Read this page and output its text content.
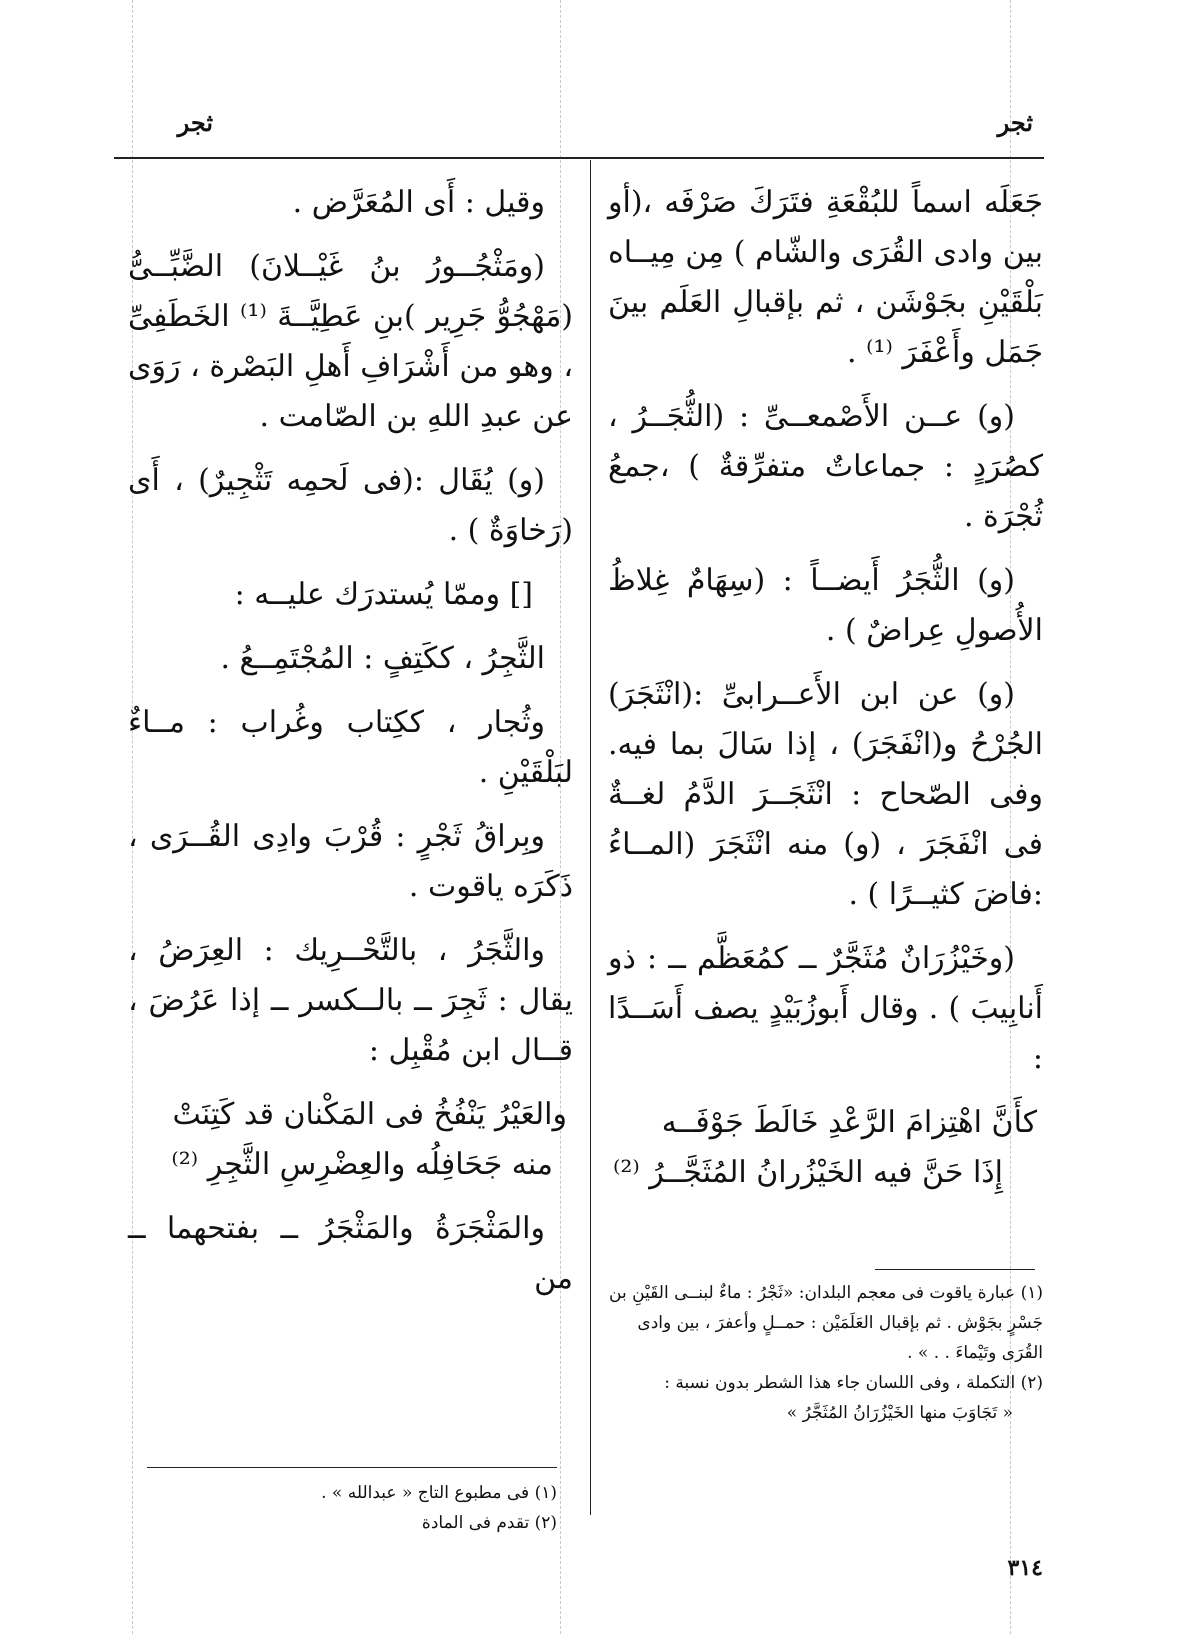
ثجر
ثجر

جَعَلَه اسماً للبُقْعَةِ فتَرَكَ صَرْفَه ،(أو بين وادى القُرَى والشّام ) مِن مِيــاه بَلْقَيْنِ بجَوْشَن ، ثم بإقبالِ العَلَم بينَ جَمَل وأَعْفَرَ ⁽¹⁾ .

(و) عــن الأَصْمعــىِّ : (الثُّجَــرُ ، كصُرَدٍ : جماعاتٌ متفرِّقةٌ ) ،جمعُ ثُجْرَة .

(و) الثُّجَرُ أَيضــاً : (سِهَامٌ غِلاظُ الأُصولِ عِراضٌ ) .

(و) عن ابن الأَعــرابىِّ :(انْثَجَرَ) الجُرْحُ و(انْفَجَرَ) ، إذا سَالَ بما فيه. وفى الصّحاح : انْثَجَــرَ الدَّمُ لغــةٌ فى انْفَجَرَ ، (و) منه انْثَجَرَ (المــاءُ :فاضَ كثيــرًا ) .

(وخَيْزُرَانٌ مُثَجَّرٌ ــ كمُعَظَّم ــ : ذو أَنابِيبَ ) . وقال أَبوزُبَيْدٍ يصف أَسَــدًا :

كأَنَّ اهْتِزامَ الرَّعْدِ خَالَطَ جَوْفَــه

إِذَا حَنَّ فيه الخَيْزُرانُ المُثَجَّــرُ ⁽²⁾

(١) عبارة ياقوت فى معجم البلدان: «ثَجْرُ : ماءٌ لبنــى القَيْنِ بن جَسْرٍ بجَوْش . ثم بإقبال العَلَمَيْن : حمــلٍ وأعفرَ ، بين وادى القُرَى وتَيْماءَ . . » .

(٢) التكملة ، وفى اللسان جاء هذا الشطر بدون نسبة :

« تَجَاوَبَ منها الخَيْزُرَانُ المُثَجَّرُ »

وقيل : أَى المُعَرَّض .

(ومَثْجُــورُ بنُ غَيْــلانَ) الضَّبِّــىُّ (مَهْجُوُّ جَرِير )بنِ عَطِيَّــةَ ⁽¹⁾ الخَطَفِىِّ ، وهو من أَشْرَافِ أَهلِ البَصْرة ، رَوَى عن عبدِ اللهِ بن الصّامت .

(و) يُقَال :(فى لَحمِه تَثْجِيرٌ) ، أَى (رَخاوَةٌ ) .

[] وممّا يُستدرَك عليــه :

الثَّجِرُ ، ككَتِفٍ : المُجْتَمِــعُ .

وثُجار ، ككِتاب وغُراب : مــاءٌ لبَلْقَيْنِ .

وبِراقُ ثَجْرٍ : قُرْبَ وادِى القُــرَى ، ذَكَرَه ياقوت .

والثَّجَرُ ، بالتَّحْــرِيك : العِرَضُ ، يقال : ثَجِرَ ــ بالــكسر ــ إذا عَرُضَ ، قــال ابن مُقْبِل :

والعَيْرُ يَنْفُخُ فى المَكْنان قد كَتِنَتْ

منه جَحَافِلُه والعِضْرِسِ الثَّجِرِ ⁽²⁾

والمَثْجَرَةُ والمَثْجَرُ ــ بفتحهما ــ من

(١) فى مطبوع التاج « عبدالله » .

(٢) تقدم فى المادة

٣١٤
